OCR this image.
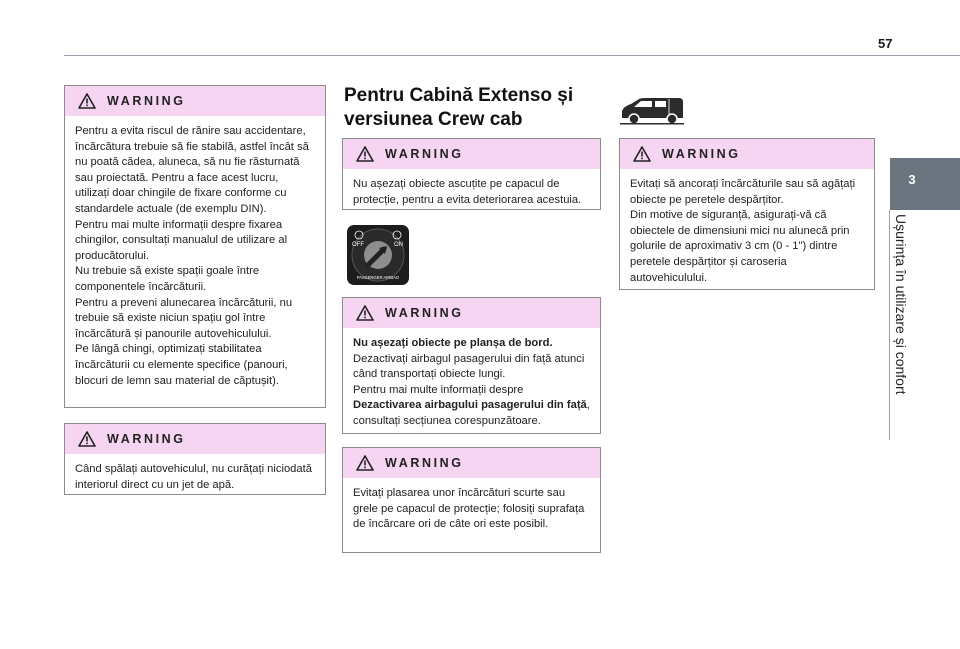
57
3
Ușurința în utilizare și confort
WARNING

Pentru a evita riscul de rănire sau accidentare, încărcătura trebuie să fie stabilă, astfel încât să nu poată cădea, aluneca, să nu fie răsturnată sau proiectată. Pentru a face acest lucru, utilizați doar chingile de fixare conforme cu standardele actuale (de exemplu DIN).

Pentru mai multe informații despre fixarea chingilor, consultați manualul de utilizare al producătorului.

Nu trebuie să existe spații goale între componentele încărcăturii.

Pentru a preveni alunecarea încărcăturii, nu trebuie să existe niciun spațiu gol între încărcătură și panourile autovehiculului.

Pe lângă chingi, optimizați stabilitatea încărcăturii cu elemente specifice (panouri, blocuri de lemn sau material de căptușit).

WARNING

Când spălați autovehiculul, nu curățați niciodată interiorul direct cu un jet de apă.

Pentru Cabină Extenso și versiunea Crew cab
WARNING

Nu așezați obiecte ascuțite pe capacul de protecție, pentru a evita deteriorarea acestuia.

OFF	ON
PASSENGER AIRBAG
WARNING

Nu așezați obiecte pe planșa de bord. Dezactivați airbagul pasagerului din față atunci când transportați obiecte lungi.

Pentru mai multe informații despre Dezactivarea airbagului pasagerului din față, consultați secțiunea corespunzătoare.

WARNING

Evitați plasarea unor încărcături scurte sau grele pe capacul de protecție; folosiți suprafața de încărcare ori de câte ori este posibil.

WARNING

Evitați să ancorați încărcăturile sau să agățați obiecte pe peretele despărțitor.

Din motive de siguranță, asigurați-vă că obiectele de dimensiuni mici nu alunecă prin golurile de aproximativ 3 cm (0 - 1") dintre peretele despărțitor și caroseria autovehiculului.
